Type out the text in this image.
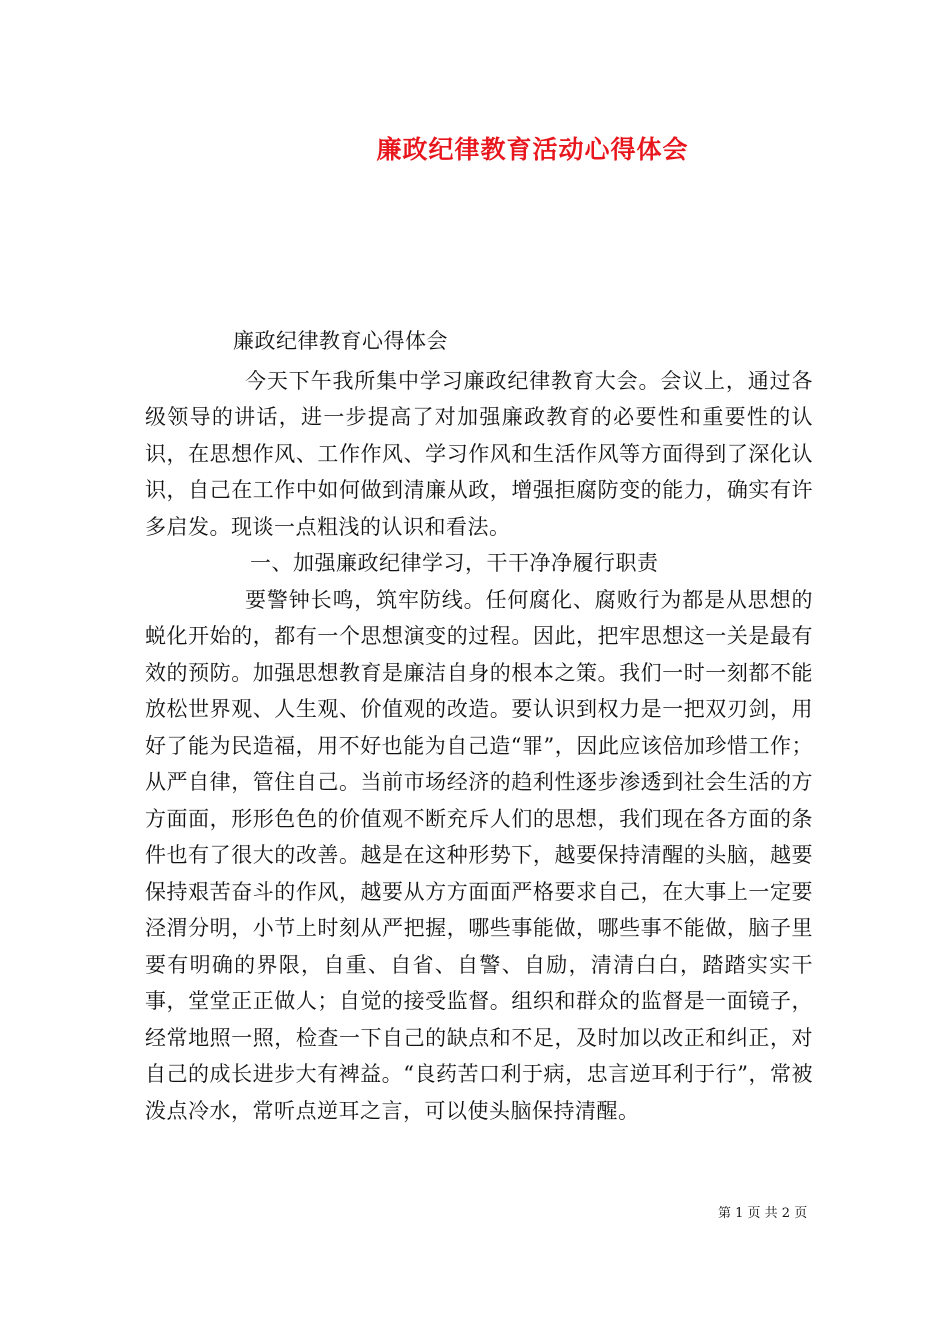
廉政纪律教育活动心得体会

廉政纪律教育心得体会

今天下午我所集中学习廉政纪律教育大会。会议上，通过各级领导的讲话，进一步提高了对加强廉政教育的必要性和重要性的认识，在思想作风、工作作风、学习作风和生活作风等方面得到了深化认识，自己在工作中如何做到清廉从政，增强拒腐防变的能力，确实有许多启发。现谈一点粗浅的认识和看法。

一、加强廉政纪律学习，干干净净履行职责

要警钟长鸣，筑牢防线。任何腐化、腐败行为都是从思想的蜕化开始的，都有一个思想演变的过程。因此，把牢思想这一关是最有效的预防。加强思想教育是廉洁自身的根本之策。我们一时一刻都不能放松世界观、人生观、价值观的改造。要认识到权力是一把双刃剑，用好了能为民造福，用不好也能为自己造“罪”，因此应该倍加珍惜工作；从严自律，管住自己。当前市场经济的趋利性逐步渗透到社会生活的方方面面，形形色色的价值观不断充斥人们的思想，我们现在各方面的条件也有了很大的改善。越是在这种形势下，越要保持清醒的头脑，越要保持艰苦奋斗的作风，越要从方方面面严格要求自己，在大事上一定要泾渭分明，小节上时刻从严把握，哪些事能做，哪些事不能做，脑子里要有明确的界限，自重、自省、自警、自励，清清白白，踏踏实实干事，堂堂正正做人；自觉的接受监督。组织和群众的监督是一面镜子，经常地照一照，检查一下自己的缺点和不足，及时加以改正和纠正，对自己的成长进步大有裨益。“良药苦口利于病，忠言逆耳利于行”，常被泼点冷水，常听点逆耳之言，可以使头脑保持清醒。

第 1 页 共 2 页
